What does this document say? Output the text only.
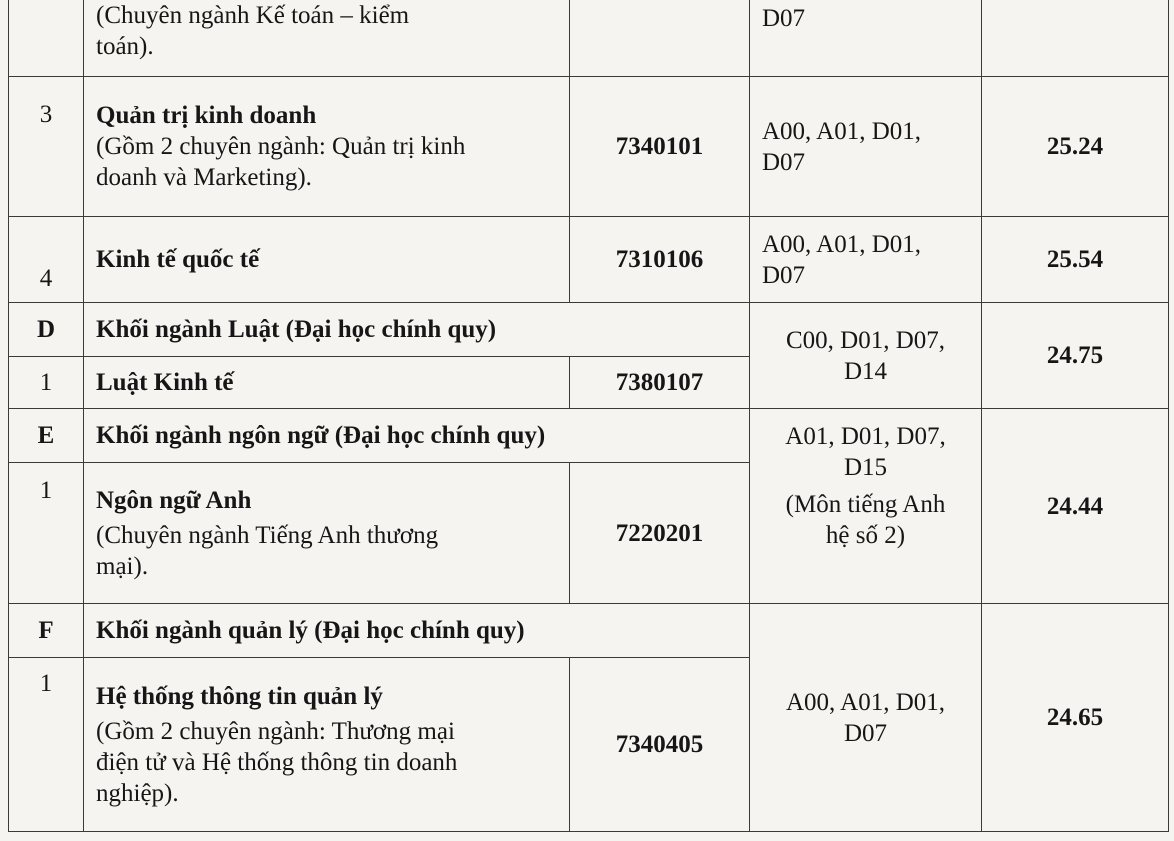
	(Chuyên ngành Kế toán – kiểm
toán).		D07	
3	Quản trị kinh doanh
(Gồm 2 chuyên ngành: Quản trị kinh
doanh và Marketing).	7340101	A00, A01, D01,
D07	25.24
4	Kinh tế quốc tế	7310106	A00, A01, D01,
D07	25.54
D	Khối ngành Luật (Đại học chính quy)		C00, D01, D07,
D14	24.75
1	Luật Kinh tế	7380107		
E	Khối ngành ngôn ngữ (Đại học chính quy)		A01, D01, D07,
D15
(Môn tiếng Anh
hệ số 2)	24.44
1	Ngôn ngữ Anh
(Chuyên ngành Tiếng Anh thương
mại).	7220201		
F	Khối ngành quản lý (Đại học chính quy)		A00, A01, D01,
D07	24.65
1	Hệ thống thông tin quản lý
(Gồm 2 chuyên ngành: Thương mại
điện tử và Hệ thống thông tin doanh
nghiệp).	7340405		
